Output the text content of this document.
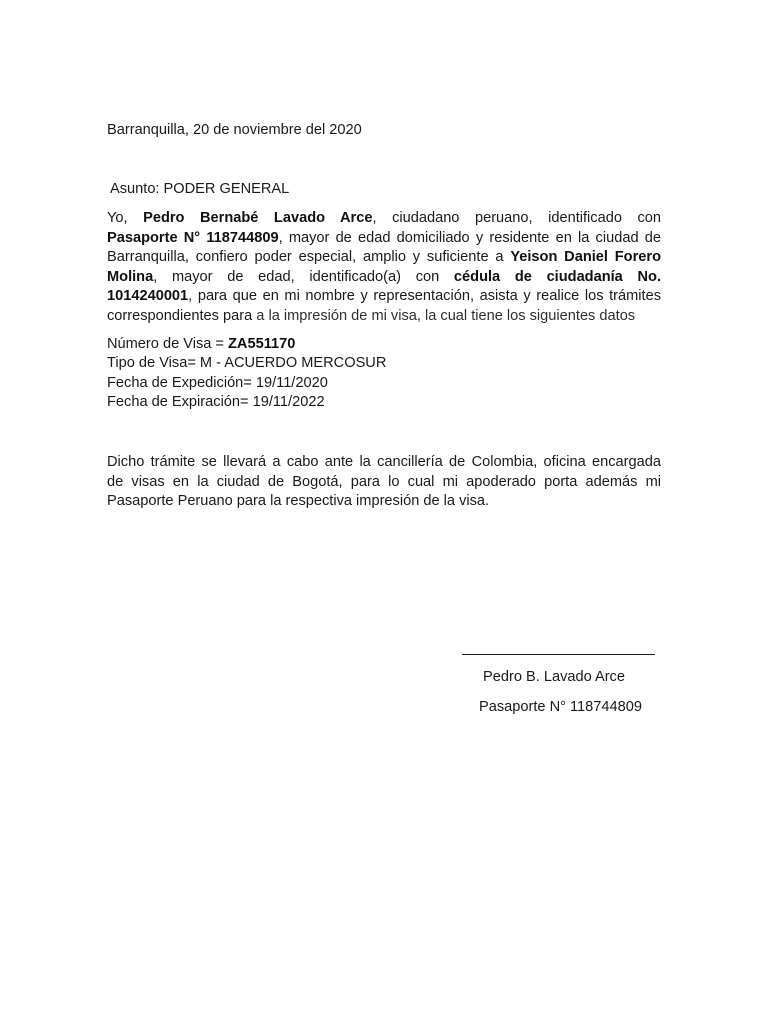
Barranquilla, 20 de noviembre del 2020
Asunto: PODER GENERAL
Yo, Pedro Bernabé Lavado Arce, ciudadano peruano, identificado con
Pasaporte N° 118744809, mayor de edad domiciliado y residente en la ciudad de
Barranquilla, confiero poder especial, amplio y suficiente a Yeison Daniel Forero
Molina, mayor de edad, identificado(a) con cédula de ciudadanía No.
1014240001, para que en mi nombre y representación, asista y realice los trámites
correspondientes para a la impresión de mi visa, la cual tiene los siguientes datos
Número de Visa = ZA551170
Tipo de Visa= M - ACUERDO MERCOSUR
Fecha de Expedición= 19/11/2020
Fecha de Expiración= 19/11/2022
Dicho trámite se llevará a cabo ante la cancillería de Colombia, oficina encargada
de visas en la ciudad de Bogotá, para lo cual mi apoderado porta además mi
Pasaporte Peruano para la respectiva impresión de la visa.
Pedro B. Lavado Arce
Pasaporte N° 118744809
